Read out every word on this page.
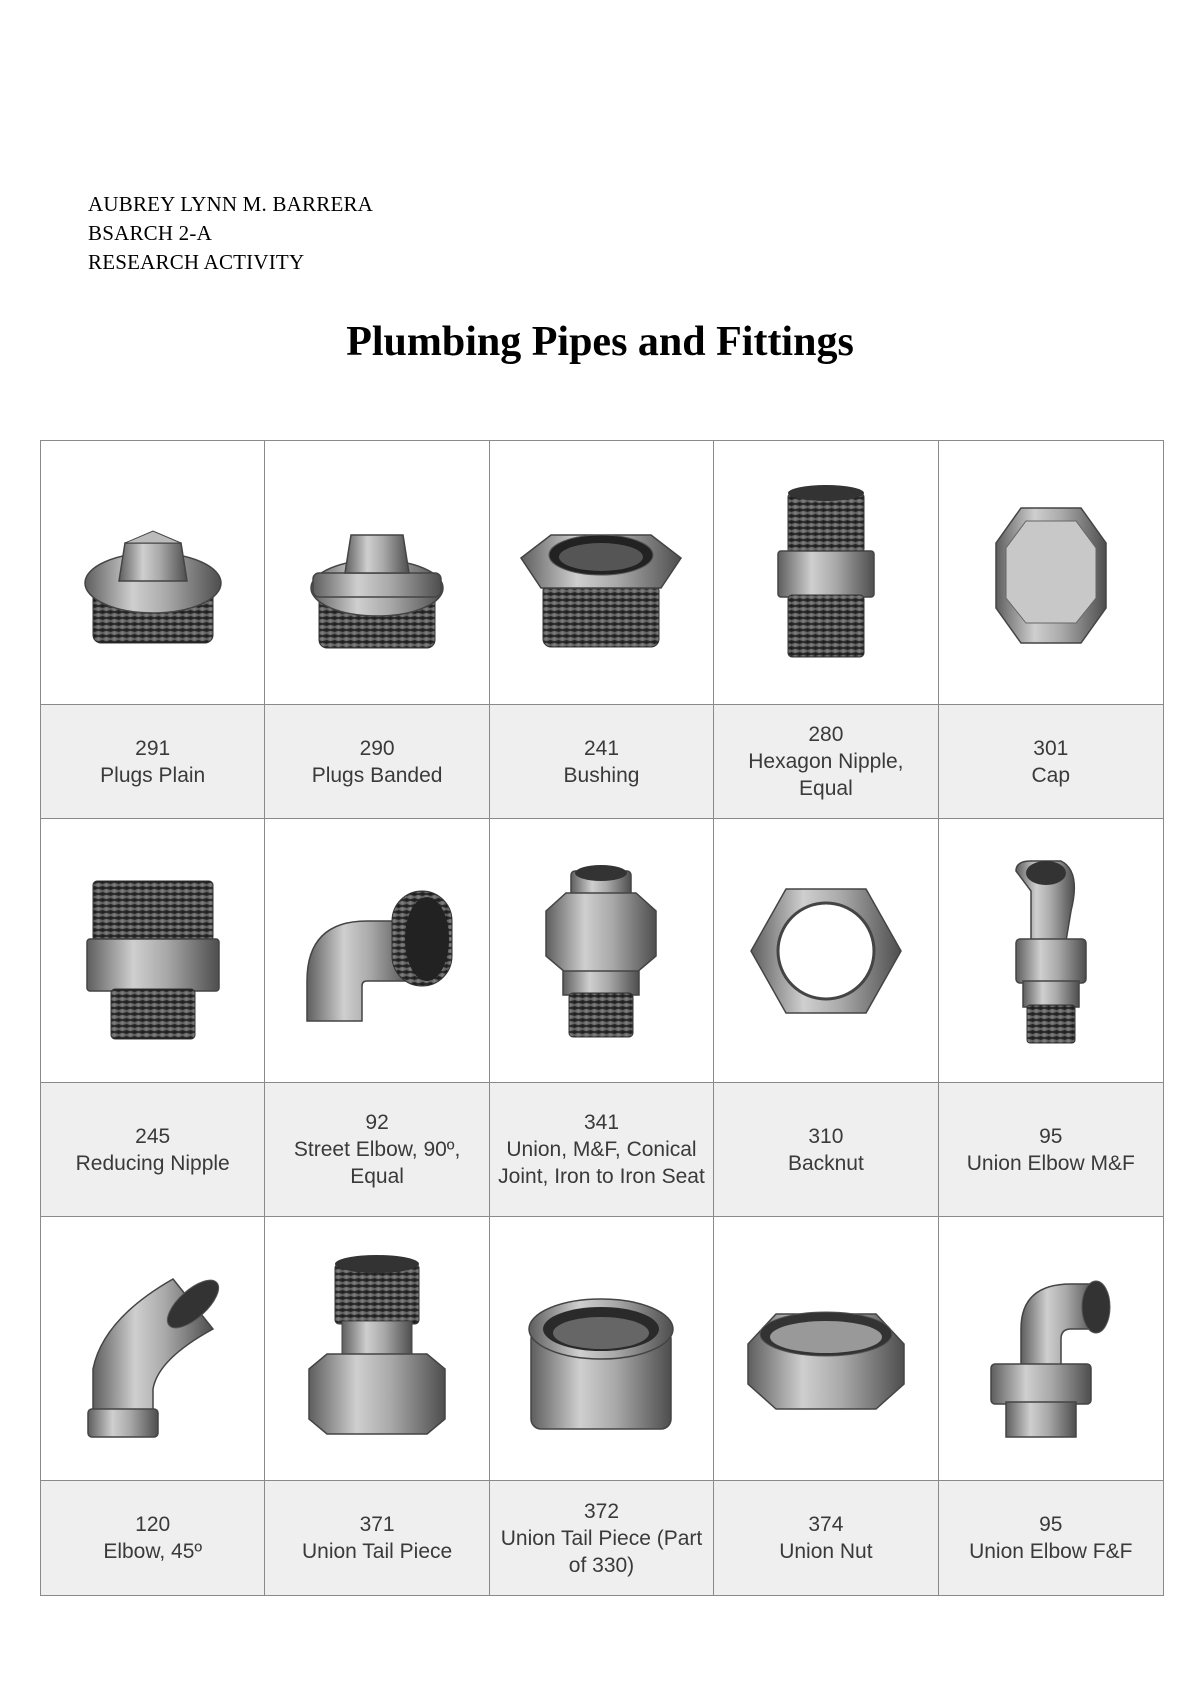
AUBREY LYNN M. BARRERA
BSARCH 2-A
RESEARCH ACTIVITY
Plumbing Pipes and Fittings
291
Plugs Plain
290
Plugs Banded
241
Bushing
280
Hexagon Nipple, Equal
301
Cap
245
Reducing Nipple
92
Street Elbow, 90º, Equal
341
Union, M&F, Conical Joint, Iron to Iron Seat
310
Backnut
95
Union Elbow M&F
120
Elbow, 45º
371
Union Tail Piece
372
Union Tail Piece (Part of 330)
374
Union Nut
95
Union Elbow F&F
